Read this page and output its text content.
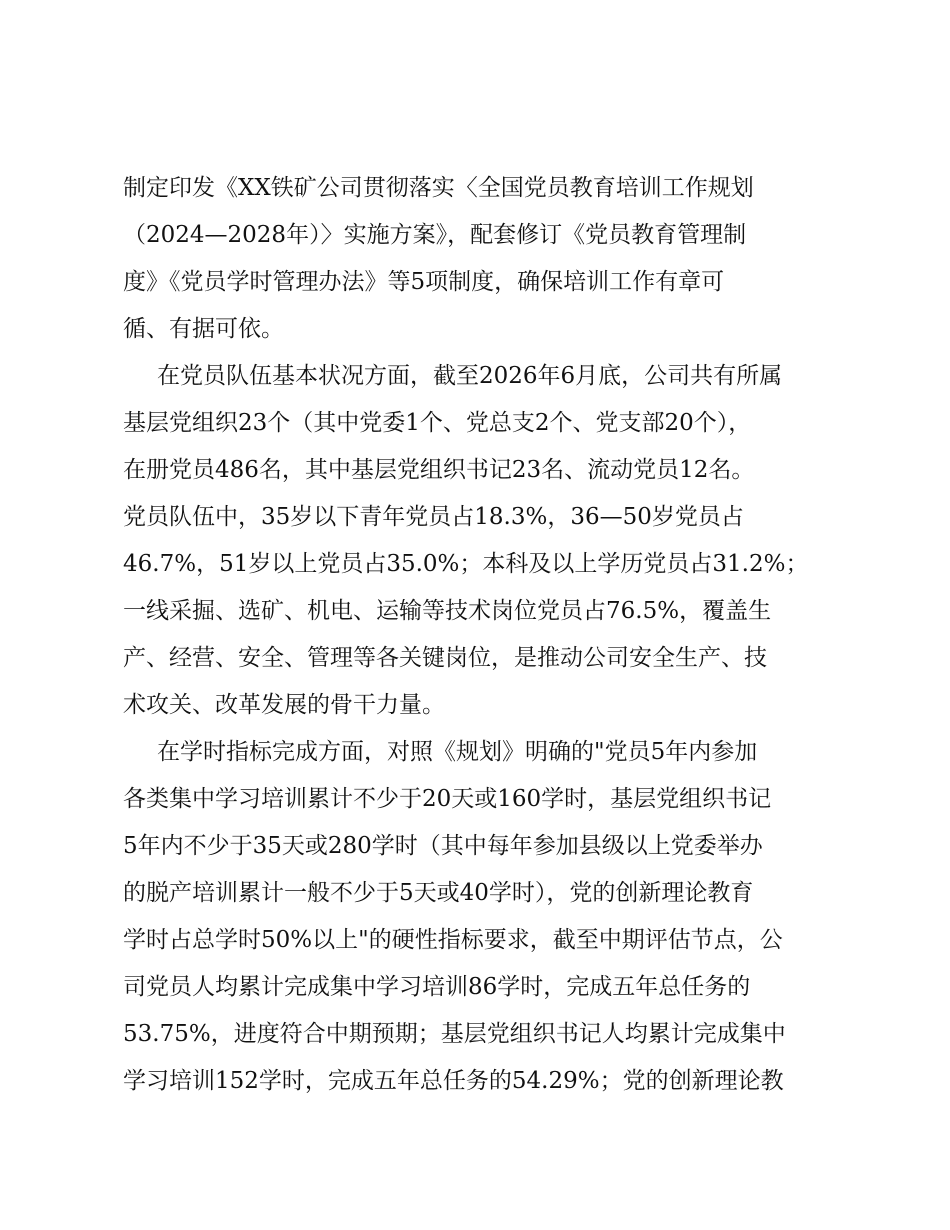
制定印发《XX铁矿公司贯彻落实〈全国党员教育培训工作规划
（2024—2028年）〉实施方案》，配套修订《党员教育管理制
度》《党员学时管理办法》等5项制度，确保培训工作有章可
循、有据可依。
在党员队伍基本状况方面，截至2026年6月底，公司共有所属
基层党组织23个（其中党委1个、党总支2个、党支部20个），
在册党员486名，其中基层党组织书记23名、流动党员12名。
党员队伍中，35岁以下青年党员占18.3%，36—50岁党员占
46.7%，51岁以上党员占35.0%；本科及以上学历党员占31.2%；
一线采掘、选矿、机电、运输等技术岗位党员占76.5%，覆盖生
产、经营、安全、管理等各关键岗位，是推动公司安全生产、技
术攻关、改革发展的骨干力量。
在学时指标完成方面，对照《规划》明确的"党员5年内参加
各类集中学习培训累计不少于20天或160学时，基层党组织书记
5年内不少于35天或280学时（其中每年参加县级以上党委举办
的脱产培训累计一般不少于5天或40学时），党的创新理论教育
学时占总学时50%以上"的硬性指标要求，截至中期评估节点，公
司党员人均累计完成集中学习培训86学时，完成五年总任务的
53.75%，进度符合中期预期；基层党组织书记人均累计完成集中
学习培训152学时，完成五年总任务的54.29%；党的创新理论教
